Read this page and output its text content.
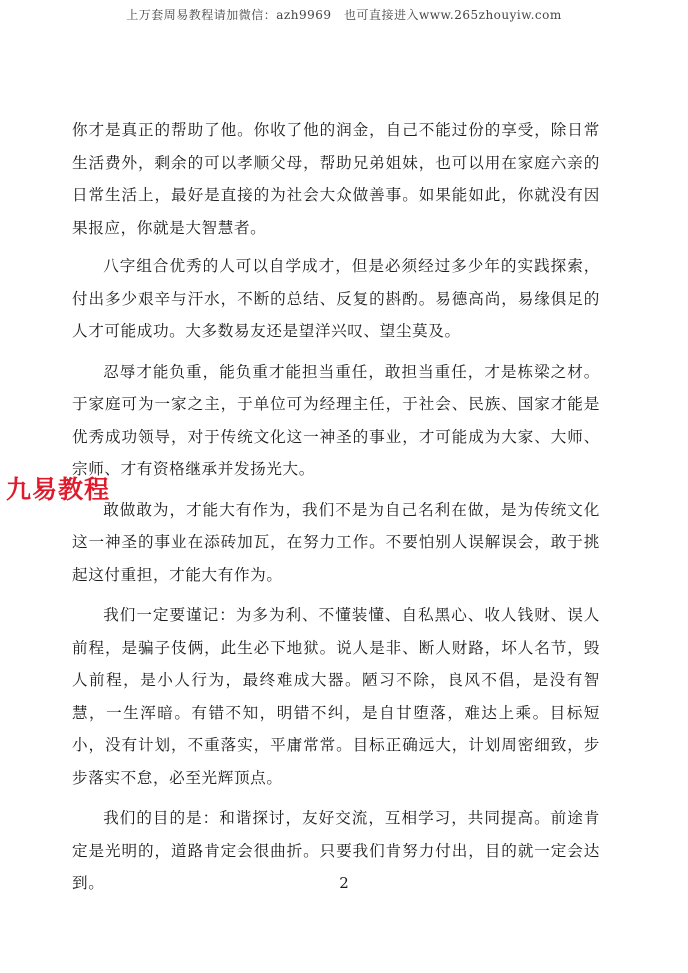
上万套周易教程请加微信：azh9969　也可直接进入www.265zhouyiw.com

你才是真正的帮助了他。你收了他的润金，自己不能过份的享受，除日常生活费外，剩余的可以孝顺父母，帮助兄弟姐妹，也可以用在家庭六亲的日常生活上，最好是直接的为社会大众做善事。如果能如此，你就没有因果报应，你就是大智慧者。

八字组合优秀的人可以自学成才，但是必须经过多少年的实践探索，付出多少艰辛与汗水，不断的总结、反复的斟酌。易德高尚，易缘俱足的人才可能成功。大多数易友还是望洋兴叹、望尘莫及。

忍辱才能负重，能负重才能担当重任，敢担当重任，才是栋梁之材。于家庭可为一家之主，于单位可为经理主任，于社会、民族、国家才能是优秀成功领导，对于传统文化这一神圣的事业，才可能成为大家、大师、宗师、才有资格继承并发扬光大。

敢做敢为，才能大有作为，我们不是为自己名利在做，是为传统文化这一神圣的事业在添砖加瓦，在努力工作。不要怕别人误解误会，敢于挑起这付重担，才能大有作为。

我们一定要谨记：为多为利、不懂装懂、自私黑心、收人钱财、误人前程，是骗子伎俩，此生必下地狱。说人是非、断人财路，坏人名节，毁人前程，是小人行为，最终难成大器。陋习不除，良风不倡，是没有智慧，一生浑暗。有错不知，明错不纠，是自甘堕落，难达上乘。目标短小，没有计划，不重落实，平庸常常。目标正确远大，计划周密细致，步步落实不怠，必至光辉顶点。

我们的目的是：和谐探讨，友好交流，互相学习，共同提高。前途肯定是光明的，道路肯定会很曲折。只要我们肯努力付出，目的就一定会达到。

九易教程
2
